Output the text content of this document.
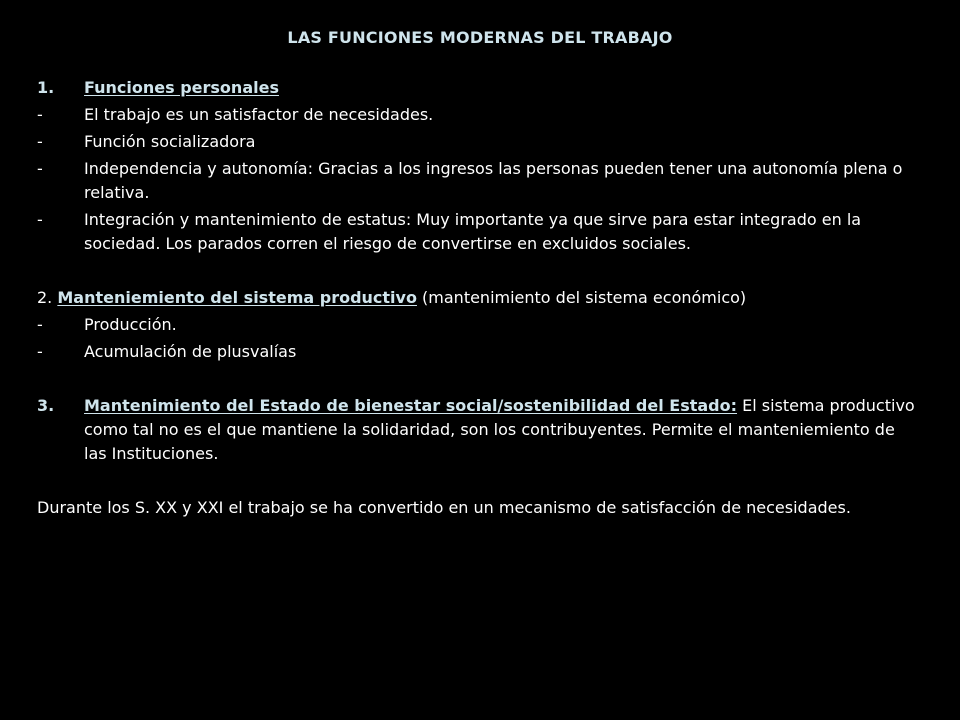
LAS FUNCIONES MODERNAS DEL TRABAJO
1.	Funciones personales
-	El trabajo es un satisfactor de necesidades.
-	Función socializadora
-	Independencia y autonomía: Gracias a los ingresos las personas pueden tener una autonomía plena o relativa.
-	Integración y mantenimiento de estatus: Muy importante ya que sirve para estar integrado en la sociedad. Los parados corren el riesgo de convertirse en excluidos sociales.
2. Manteniemiento del sistema productivo (mantenimiento del sistema económico)
-	Producción.
-	Acumulación de plusvalías
3.	Mantenimiento del Estado de bienestar social/sostenibilidad del Estado: El sistema productivo como tal no es el que mantiene la solidaridad, son los contribuyentes. Permite el manteniemiento de las Instituciones.
Durante los S. XX y XXI el trabajo se ha convertido en un mecanismo de satisfacción de necesidades.
